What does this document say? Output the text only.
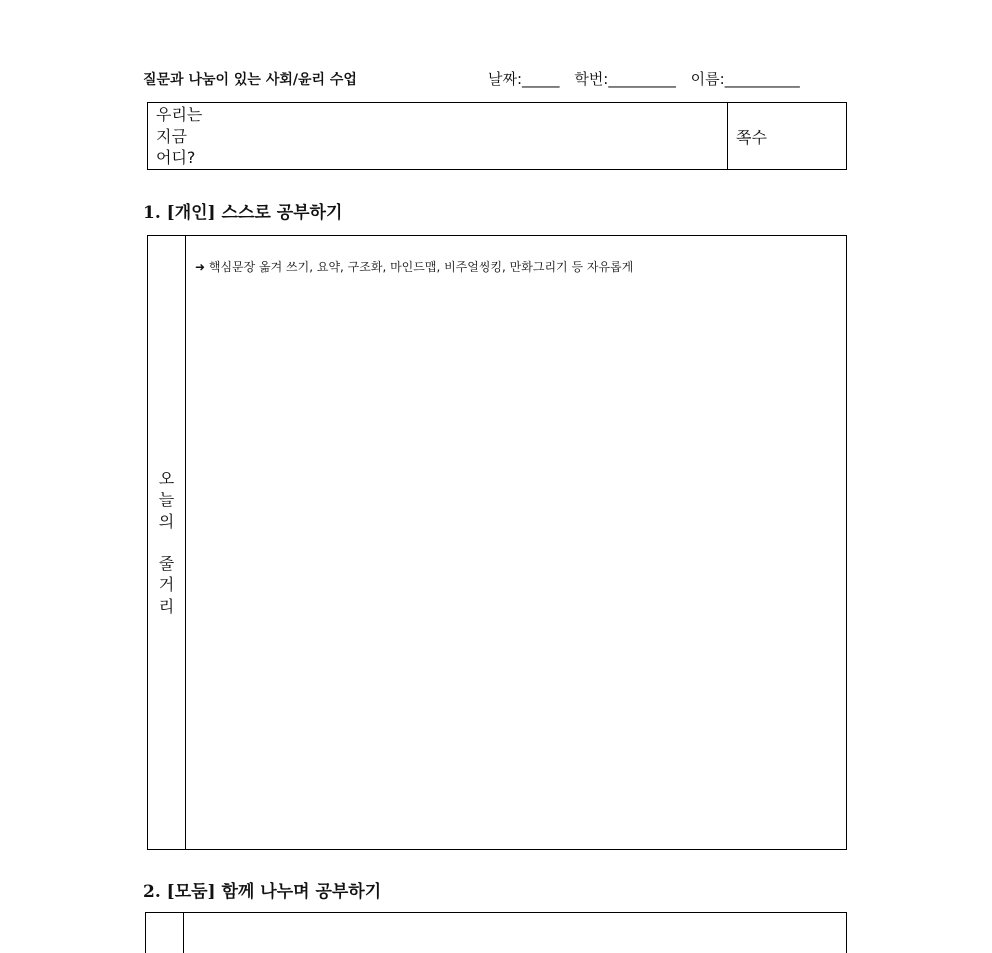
질문과 나눔이 있는 사회/윤리 수업	날짜:_____ 학번:_________ 이름:__________
우리는
지금
어디?
쪽수
1. [개인] 스스로 공부하기
오
늘
의
줄
거
리
➜ 핵심문장 옮겨 쓰기, 요약, 구조화, 마인드맵, 비주얼씽킹, 만화그리기 등 자유롭게
2. [모둠] 함께 나누며 공부하기
